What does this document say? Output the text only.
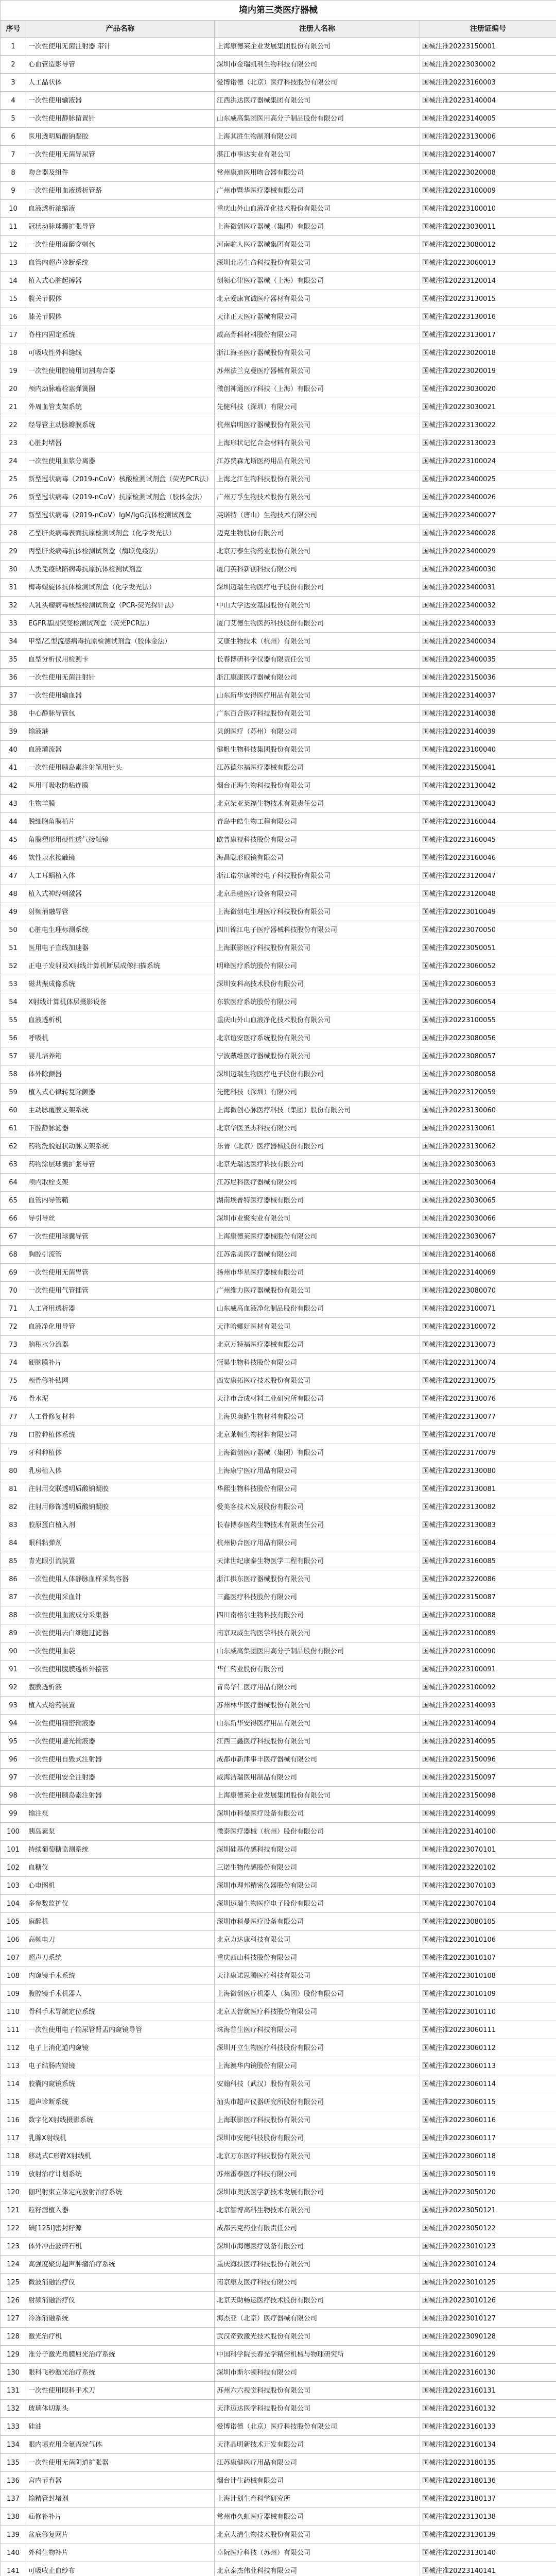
境内第三类医疗器械			
序号	产品名称	注册人名称	注册证编号
1	一次性使用无菌注射器 带针	上海康德莱企业发展集团股份有限公司	国械注准20223150001
2	心血管造影导管	深圳市金瑞凯利生物科技有限公司	国械注准20223030002
3	人工晶状体	爱博诺德（北京）医疗科技股份有限公司	国械注准20223160003
4	一次性使用输液器	江西洪达医疗器械集团有限公司	国械注准20223140004
5	一次性使用静脉留置针	山东威高集团医用高分子制品股份有限公司	国械注准20223140005
6	医用透明质酸钠凝胶	上海其胜生物制剂有限公司	国械注准20223130006
7	一次性使用无菌导尿管	湛江市事达实业有限公司	国械注准20223140007
8	吻合器及组件	常州康迪医用吻合器有限公司	国械注准20223020008
9	一次性使用血液透析管路	广州市暨华医疗器械有限公司	国械注准20223100009
10	血液透析浓缩液	重庆山外山血液净化技术股份有限公司	国械注准20223100010
11	冠状动脉球囊扩张导管	上海微创医疗器械（集团）有限公司	国械注准20223030011
12	一次性使用麻醉穿刺包	河南驼人医疗器械集团有限公司	国械注准20223080012
13	血管内超声诊断系统	深圳北芯生命科技股份有限公司	国械注准20223060013
14	植入式心脏起搏器	创领心律医疗器械（上海）有限公司	国械注准20223120014
15	髋关节假体	北京爱康宜诚医疗器材有限公司	国械注准20223130015
16	膝关节假体	天津正天医疗器械有限公司	国械注准20223130016
17	脊柱内固定系统	威高骨科材料股份有限公司	国械注准20223130017
18	可吸收性外科缝线	浙江海圣医疗器械股份有限公司	国械注准20223020018
19	一次性使用腔镜用切割吻合器	苏州法兰克曼医疗器械有限公司	国械注准20223020019
20	颅内动脉瘤栓塞弹簧圈	微创神通医疗科技（上海）有限公司	国械注准20223030020
21	外周血管支架系统	先健科技（深圳）有限公司	国械注准20223030021
22	经导管主动脉瓣膜系统	杭州启明医疗器械股份有限公司	国械注准20223130022
23	心脏封堵器	上海形状记忆合金材料有限公司	国械注准20223130023
24	一次性使用血浆分离器	江苏费森尤斯医药用品有限公司	国械注准20223100024
25	新型冠状病毒（2019-nCoV）核酸检测试剂盒（荧光PCR法）	上海之江生物科技股份有限公司	国械注准20223400025
26	新型冠状病毒（2019-nCoV）抗原检测试剂盒（胶体金法）	广州万孚生物技术股份有限公司	国械注准20223400026
27	新型冠状病毒（2019-nCoV）IgM/IgG抗体检测试剂盒	英诺特（唐山）生物技术有限公司	国械注准20223400027
28	乙型肝炎病毒表面抗原检测试剂盒（化学发光法）	迈克生物股份有限公司	国械注准20223400028
29	丙型肝炎病毒抗体检测试剂盒（酶联免疫法）	北京万泰生物药业股份有限公司	国械注准20223400029
30	人类免疫缺陷病毒抗原抗体检测试剂盒	厦门英科新创科技有限公司	国械注准20223400030
31	梅毒螺旋体抗体检测试剂盒（化学发光法）	深圳迈瑞生物医疗电子股份有限公司	国械注准20223400031
32	人乳头瘤病毒核酸检测试剂盒（PCR-荧光探针法）	中山大学达安基因股份有限公司	国械注准20223400032
33	EGFR基因突变检测试剂盒（荧光PCR法）	厦门艾德生物医药科技股份有限公司	国械注准20223400033
34	甲型/乙型流感病毒抗原检测试剂盒（胶体金法）	艾康生物技术（杭州）有限公司	国械注准20223400034
35	血型分析仪用检测卡	长春博研科学仪器有限责任公司	国械注准20223400035
36	一次性使用无菌注射针	浙江康康医疗器械有限公司	国械注准20223150036
37	一次性使用输血器	山东新华安得医疗用品有限公司	国械注准20223140037
38	中心静脉导管包	广东百合医疗科技股份有限公司	国械注准20223140038
39	输液港	贝朗医疗（苏州）有限公司	国械注准20223140039
40	血液灌流器	健帆生物科技集团股份有限公司	国械注准20223100040
41	一次性使用胰岛素注射笔用针头	江苏德尔福医疗器械有限公司	国械注准20223150041
42	医用可吸收防粘连膜	烟台正海生物科技股份有限公司	国械注准20223130042
43	生物羊膜	北京桀亚莱福生物技术有限责任公司	国械注准20223130043
44	脱细胞角膜植片	青岛中皓生物工程有限公司	国械注准20223160044
45	角膜塑形用硬性透气接触镜	欧普康视科技股份有限公司	国械注准20223160045
46	软性亲水接触镜	海昌隐形眼镜有限公司	国械注准20223160046
47	人工耳蜗植入体	浙江诺尔康神经电子科技股份有限公司	国械注准20223120047
48	植入式神经刺激器	北京品驰医疗设备有限公司	国械注准20223120048
49	射频消融导管	上海微创电生理医疗科技股份有限公司	国械注准20223010049
50	心脏电生理标测系统	四川锦江电子医疗器械科技股份有限公司	国械注准20223070050
51	医用电子直线加速器	上海联影医疗科技股份有限公司	国械注准20223050051
52	正电子发射及X射线计算机断层成像扫描系统	明峰医疗系统股份有限公司	国械注准20223060052
53	磁共振成像系统	深圳安科高技术股份有限公司	国械注准20223060053
54	X射线计算机体层摄影设备	东软医疗系统股份有限公司	国械注准20223060054
55	血液透析机	重庆山外山血液净化技术股份有限公司	国械注准20223100055
56	呼吸机	北京谊安医疗系统股份有限公司	国械注准20223080056
57	婴儿培养箱	宁波戴维医疗器械股份有限公司	国械注准20223080057
58	体外除颤器	深圳迈瑞生物医疗电子股份有限公司	国械注准20223080058
59	植入式心律转复除颤器	先健科技（深圳）有限公司	国械注准20223120059
60	主动脉覆膜支架系统	上海微创心脉医疗科技（集团）股份有限公司	国械注准20223130060
61	下腔静脉滤器	北京华医圣杰科技有限公司	国械注准20223130061
62	药物洗脱冠状动脉支架系统	乐普（北京）医疗器械股份有限公司	国械注准20223130062
63	药物涂层球囊扩张导管	北京先瑞达医疗科技有限公司	国械注准20223030063
64	颅内取栓支架	江苏尼科医疗器械有限公司	国械注准20223030064
65	血管内导管鞘	湖南埃普特医疗器械有限公司	国械注准20223030065
66	导引导丝	深圳市业聚实业有限公司	国械注准20223030066
67	一次性使用球囊导管	上海康德莱医疗器械股份有限公司	国械注准20223030067
68	胸腔引流管	江苏常美医疗器械有限公司	国械注准20223140068
69	一次性使用无菌胃管	扬州市华星医疗器械有限公司	国械注准20223140069
70	一次性使用气管插管	广州维力医疗器械股份有限公司	国械注准20223080070
71	人工肾用透析器	山东威高血液净化制品股份有限公司	国械注准20223100071
72	血液净化用导管	天津哈娜好医材有限公司	国械注准20223100072
73	脑积水分流器	北京万特福医疗器械有限公司	国械注准20223130073
74	硬脑膜补片	冠昊生物科技股份有限公司	国械注准20223130074
75	颅骨修补钛网	西安康拓医疗技术股份有限公司	国械注准20223130075
76	骨水泥	天津市合成材料工业研究所有限公司	国械注准20223130076
77	人工骨修复材料	上海贝奥路生物材料有限公司	国械注准20223130077
78	口腔种植体系统	北京莱顿生物材料有限公司	国械注准20223170078
79	牙科种植体	上海微创医疗器械（集团）有限公司	国械注准20223170079
80	乳房植入体	上海康宁医疗用品有限公司	国械注准20223130080
81	注射用交联透明质酸钠凝胶	华熙生物科技股份有限公司	国械注准20223130081
82	注射用修饰透明质酸钠凝胶	爱美客技术发展股份有限公司	国械注准20223130082
83	胶原蛋白植入剂	长春博泰医药生物技术有限责任公司	国械注准20223130083
84	眼科粘弹剂	杭州协合医疗用品有限公司	国械注准20223160084
85	青光眼引流装置	天津世纪康泰生物医学工程有限公司	国械注准20223160085
86	一次性使用人体静脉血样采集容器	浙江拱东医疗器械股份有限公司	国械注准20223220086
87	一次性使用采血针	三鑫医疗科技股份有限公司	国械注准20223150087
88	一次性使用血液成分采集器	四川南格尔生物科技有限公司	国械注准20223100088
89	一次性使用去白细胞过滤器	南京双威生物医学科技有限公司	国械注准20223100089
90	一次性使用血袋	山东威高集团医用高分子制品股份有限公司	国械注准20223100090
91	一次性使用腹膜透析外接管	华仁药业股份有限公司	国械注准20223100091
92	腹膜透析液	青岛华仁医疗用品有限公司	国械注准20223100092
93	植入式给药装置	苏州林华医疗器械股份有限公司	国械注准20223140093
94	一次性使用精密输液器	山东新华安得医疗用品有限公司	国械注准20223140094
95	一次性使用避光输液器	江西三鑫医疗科技股份有限公司	国械注准20223140095
96	一次性使用自毁式注射器	成都市新津事丰医疗器械有限公司	国械注准20223150096
97	一次性使用安全注射器	威海洁瑞医用制品有限公司	国械注准20223150097
98	一次性使用胰岛素注射器	上海康德莱企业发展集团股份有限公司	国械注准20223150098
99	输注泵	深圳市科曼医疗设备有限公司	国械注准20223140099
100	胰岛素泵	微泰医疗器械（杭州）股份有限公司	国械注准20223140100
101	持续葡萄糖监测系统	深圳硅基传感科技有限公司	国械注准20223070101
102	血糖仪	三诺生物传感股份有限公司	国械注准20223220102
103	心电图机	深圳市理邦精密仪器股份有限公司	国械注准20223070103
104	多参数监护仪	深圳迈瑞生物医疗电子股份有限公司	国械注准20223070104
105	麻醉机	深圳市科曼医疗设备有限公司	国械注准20223080105
106	高频电刀	北京力达康科技有限公司	国械注准20223010106
107	超声刀系统	重庆西山科技股份有限公司	国械注准20223010107
108	内窥镜手术系统	天津康诺思腾医疗科技有限公司	国械注准20223010108
109	腹腔镜手术机器人	上海微创医疗机器人（集团）股份有限公司	国械注准20223010109
110	骨科手术导航定位系统	北京天智航医疗科技股份有限公司	国械注准20223010110
111	一次性使用电子输尿管肾盂内窥镜导管	珠海普生医疗科技有限公司	国械注准20223060111
112	电子上消化道内窥镜	深圳开立生物医疗科技股份有限公司	国械注准20223060112
113	电子结肠内窥镜	上海澳华内镜股份有限公司	国械注准20223060113
114	胶囊内窥镜系统	安翰科技（武汉）股份有限公司	国械注准20223060114
115	超声诊断系统	汕头市超声仪器研究所股份有限公司	国械注准20223060115
116	数字化X射线摄影系统	上海联影医疗科技股份有限公司	国械注准20223060116
117	乳腺X射线机	深圳市安健科技股份有限公司	国械注准20223060117
118	移动式C形臂X射线机	北京万东医疗科技股份有限公司	国械注准20223060118
119	放射治疗计划系统	苏州雷泰医疗科技有限公司	国械注准20223050119
120	伽玛射束立体定向放射治疗系统	深圳市奥沃医学新技术发展有限公司	国械注准20223050120
121	粒籽源植入器	北京智博高科生物技术有限公司	国械注准20223050121
122	碘[125I]密封籽源	成都云克药业有限责任公司	国械注准20223050122
123	体外冲击波碎石机	深圳市海德医疗设备有限公司	国械注准20223010123
124	高强度聚焦超声肿瘤治疗系统	重庆海扶医疗科技股份有限公司	国械注准20223010124
125	微波消融治疗仪	南京康友医疗科技有限公司	国械注准20223010125
126	射频消融治疗仪	北京天助畅运医疗技术股份有限公司	国械注准20223010126
127	冷冻消融系统	海杰亚（北京）医疗器械有限公司	国械注准20223010127
128	激光治疗机	武汉奇致激光技术股份有限公司	国械注准20223090128
129	准分子激光角膜屈光治疗系统	中国科学院长春光学精密机械与物理研究所	国械注准20223160129
130	眼科飞秒激光治疗系统	深圳市斯尔顿科技有限公司	国械注准20223160130
131	一次性使用眼科手术刀	苏州六六视觉科技股份有限公司	国械注准20223160131
132	玻璃体切割头	天津迈达医学科技股份有限公司	国械注准20223160132
133	硅油	爱博诺德（北京）医疗科技股份有限公司	国械注准20223160133
134	眼内填充用全氟丙烷气体	天津晶明新技术开发有限公司	国械注准20223160134
135	一次性使用无菌阴道扩张器	江苏康健医疗用品有限公司	国械注准20223180135
136	宫内节育器	烟台计生药械有限公司	国械注准20223180136
137	输精管封堵剂	上海计划生育科学研究所	国械注准20223180137
138	疝修补补片	常州市久虹医疗器械有限公司	国械注准20223130138
139	盆底修复网片	北京大清生物技术股份有限公司	国械注准20223130139
140	外科生物补片	卓阮医疗科技（苏州）有限公司	国械注准20223130140
141	可吸收止血纱布	北京泰杰伟业科技有限公司	国械注准20223140141
